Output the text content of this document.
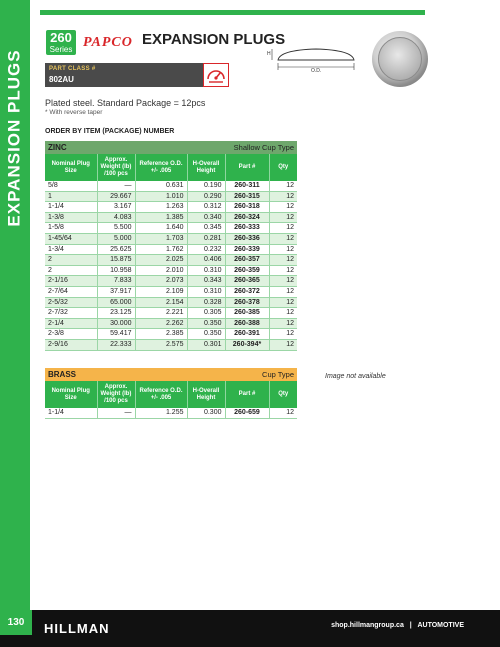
EXPANSION PLUGS
260
Series PAPCO EXPANSION PLUGS
PART CLASS #
802AU
Plated steel. Standard Package = 12pcs
* With reverse taper
ORDER BY ITEM (PACKAGE) NUMBER
H
O.D.
ZINC			Shallow Cup Type		
Nominal Plug Size	Approx. Weight (lb) /100 pcs	Reference O.D. +/- .005	H-Overall Height	Part #	Qty
5/8	—	0.631	0.190	260-311	12
1	29.667	1.010	0.290	260-315	12
1-1/4	3.167	1.263	0.312	260-318	12
1-3/8	4.083	1.385	0.340	260-324	12
1-5/8	5.500	1.640	0.345	260-333	12
1-45/64	5.000	1.703	0.281	260-336	12
1-3/4	25.625	1.762	0.232	260-339	12
2	15.875	2.025	0.406	260-357	12
2	10.958	2.010	0.310	260-359	12
2-1/16	7.833	2.073	0.343	260-365	12
2-7/64	37.917	2.109	0.310	260-372	12
2-5/32	65.000	2.154	0.328	260-378	12
2-7/32	23.125	2.221	0.305	260-385	12
2-1/4	30.000	2.262	0.350	260-388	12
2-3/8	59.417	2.385	0.350	260-391	12
2-9/16	22.333	2.575	0.301	260-394*	12
BRASS			Cup Type		
Nominal Plug Size	Approx. Weight (lb) /100 pcs	Reference O.D. +/- .005	H-Overall Height	Part #	Qty
1-1/4	—	1.255	0.300	260-659	12
Image not available
130	HILLMAN	shop.hillmangroup.ca | AUTOMOTIVE
